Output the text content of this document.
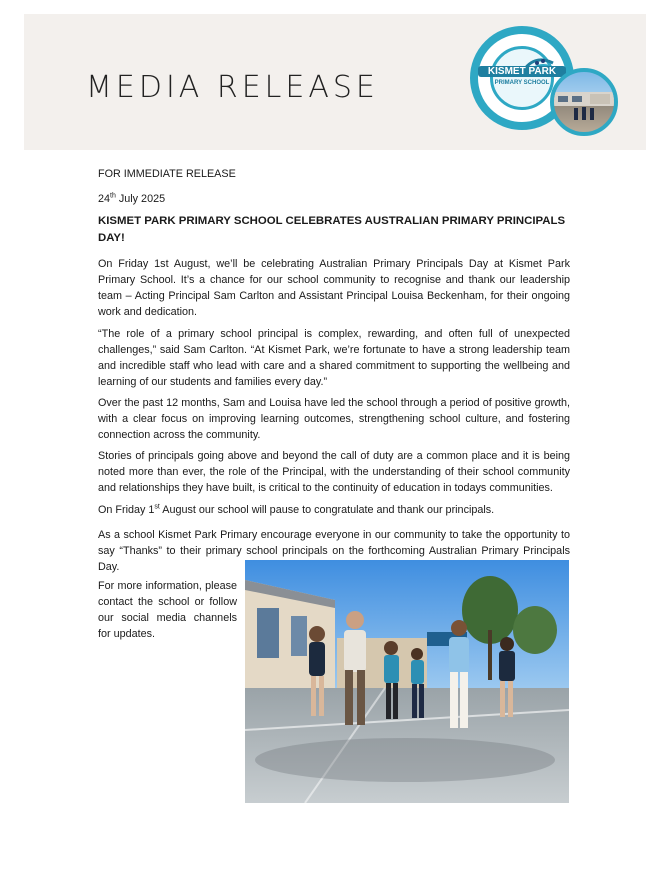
MEDIA RELEASE	KISMET PARK
PRIMARY SCHOOL
FOR IMMEDIATE RELEASE
24th July 2025
KISMET PARK PRIMARY SCHOOL CELEBRATES AUSTRALIAN PRIMARY PRINCIPALS DAY!

On Friday 1st August, we’ll be celebrating Australian Primary Principals Day at Kismet Park Primary School. It’s a chance for our school community to recognise and thank our leadership team – Acting Principal Sam Carlton and Assistant Principal Louisa Beckenham, for their ongoing work and dedication.

“The role of a primary school principal is complex, rewarding, and often full of unexpected challenges,” said Sam Carlton. “At Kismet Park, we’re fortunate to have a strong leadership team and incredible staff who lead with care and a shared commitment to supporting the wellbeing and learning of our students and families every day.”

Over the past 12 months, Sam and Louisa have led the school through a period of positive growth, with a clear focus on improving learning outcomes, strengthening school culture, and fostering connection across the community.

Stories of principals going above and beyond the call of duty are a common place and it is being noted more than ever, the role of the Principal, with the understanding of their school community and relationships they have built, is critical to the continuity of education in todays communities.

On Friday 1st August our school will pause to congratulate and thank our principals.

As a school Kismet Park Primary encourage everyone in our community to take the opportunity to say “Thanks” to their primary school principals on the forthcoming Australian Primary Principals Day.

For more information, please contact the school or follow our social media channels for updates.
